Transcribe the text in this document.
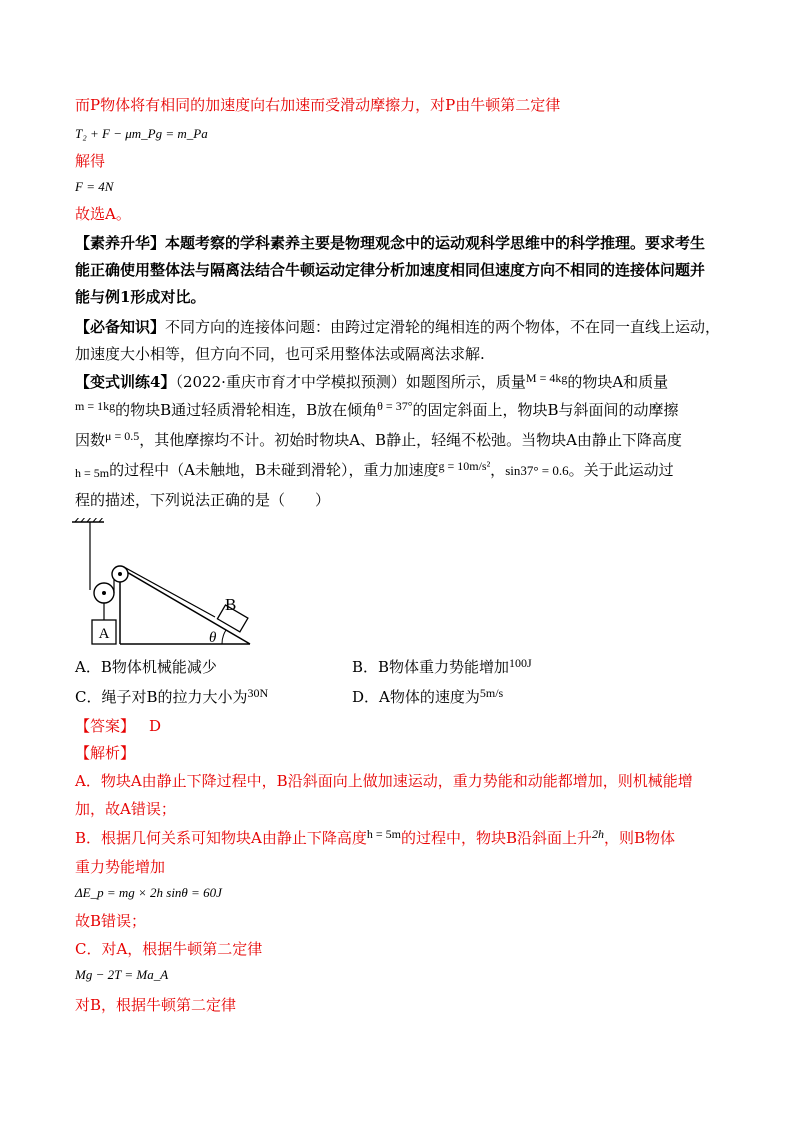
而P物体将有相同的加速度向右加速而受滑动摩擦力，对P由牛顿第二定律
T₂ + F − μm_Pg = m_Pa
解得
F = 4N
故选A。
【素养升华】本题考察的学科素养主要是物理观念中的运动观科学思维中的科学推理。要求考生
能正确使用整体法与隔离法结合牛顿运动定律分析加速度相同但速度方向不相同的连接体问题并
能与例1形成对比。
【必备知识】不同方向的连接体问题：由跨过定滑轮的绳相连的两个物体，不在同一直线上运动，
加速度大小相等，但方向不同，也可采用整体法或隔离法求解.
【变式训练4】（2022·重庆市育才中学模拟预测）如题图所示，质量$^{M = 4kg}$的物块A和质量
$^{m = 1kg}$的物块B通过轻质滑轮相连，B放在倾角$^{\theta = 37^\circ}$的固定斜面上，物块B与斜面间的动摩擦
因数$^{\mu = 0.5}$，其他摩擦均不计。初始时物块A、B静止，轻绳不松弛。当物块A由静止下降高度
h = 5m的过程中（A未触地，B未碰到滑轮），重力加速度$^{g = 10m/s^2}$，sin37° = 0.6。关于此运动过
程的描述，下列说法正确的是（　　）
A
B
θ
A．B物体机械能减少	B．B物体重力势能增加$^{100J}$
C．绳子对B的拉力大小为$^{30N}$	D．A物体的速度为$^{5m/s}$
【答案】 D
【解析】
A．物块A由静止下降过程中，B沿斜面向上做加速运动，重力势能和动能都增加，则机械能增
加，故A错误；
B．根据几何关系可知物块A由静止下降高度$^{h = 5m}$的过程中，物块B沿斜面上升$^{2h}$，则B物体
重力势能增加
ΔE_p = mg × 2h sinθ = 60J
故B错误；
C．对A，根据牛顿第二定律
Mg − 2T = Ma_A
对B，根据牛顿第二定律
